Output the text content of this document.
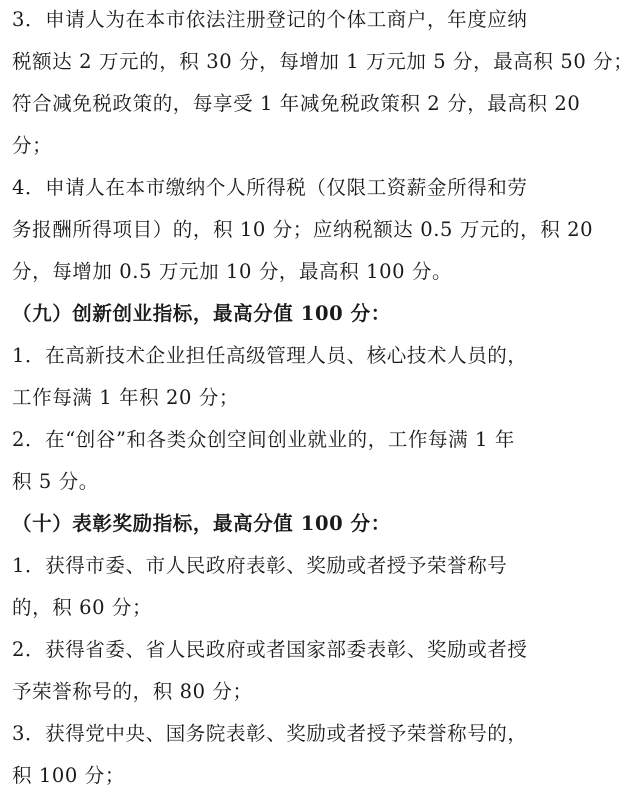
3．申请人为在本市依法注册登记的个体工商户，年度应纳
税额达 2 万元的，积 30 分，每增加 1 万元加 5 分，最高积 50 分；
符合减免税政策的，每享受 1 年减免税政策积 2 分，最高积 20
分；
4．申请人在本市缴纳个人所得税（仅限工资薪金所得和劳
务报酬所得项目）的，积 10 分；应纳税额达 0.5 万元的，积 20
分，每增加 0.5 万元加 10 分，最高积 100 分。
（九）创新创业指标，最高分值 100 分：
1．在高新技术企业担任高级管理人员、核心技术人员的，
工作每满 1 年积 20 分；
2．在“创谷”和各类众创空间创业就业的，工作每满 1 年
积 5 分。
（十）表彰奖励指标，最高分值 100 分：
1．获得市委、市人民政府表彰、奖励或者授予荣誉称号
的，积 60 分；
2．获得省委、省人民政府或者国家部委表彰、奖励或者授
予荣誉称号的，积 80 分；
3．获得党中央、国务院表彰、奖励或者授予荣誉称号的，
积 100 分；
